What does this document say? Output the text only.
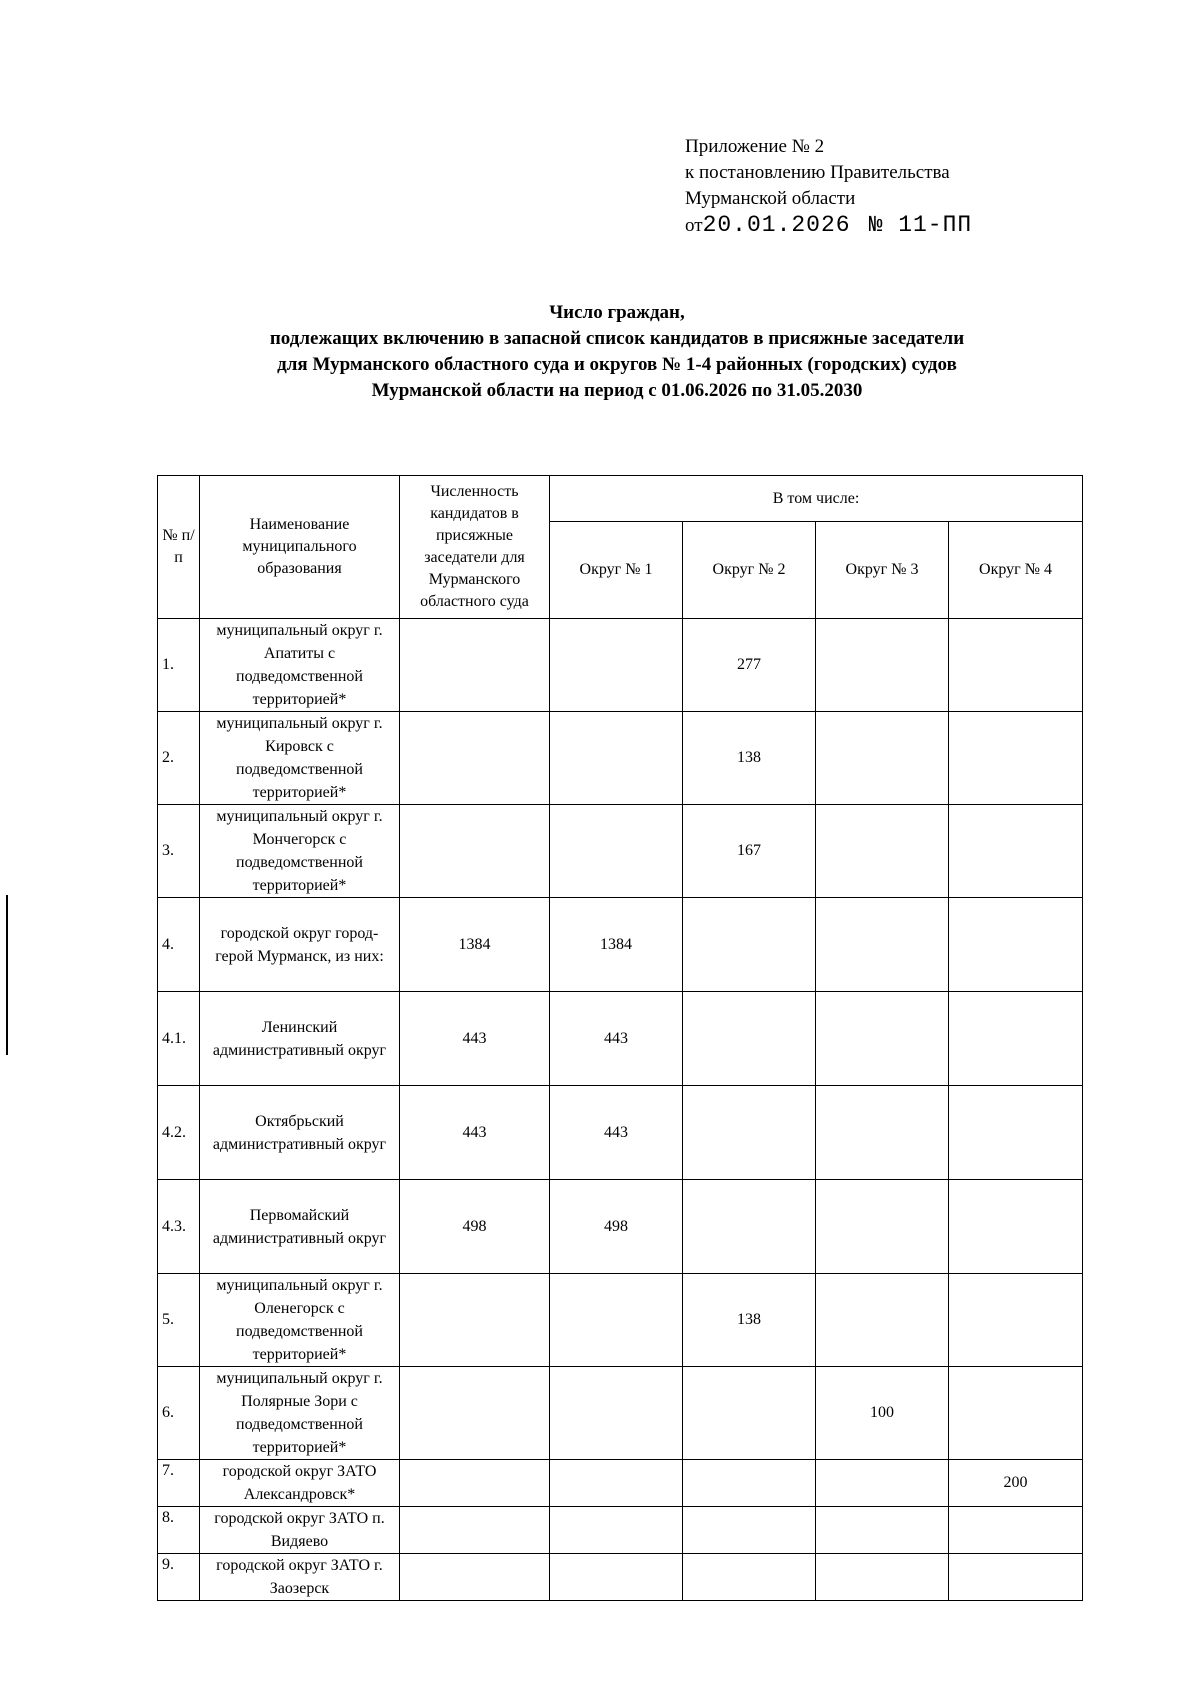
Приложение № 2
к постановлению Правительства
Мурманской области
от20.01.2026 № 11-ПП
Число граждан,
подлежащих включению в запасной список кандидатов в присяжные заседатели
для Мурманского областного суда и округов № 1-4 районных (городских) судов
Мурманской области на период с 01.06.2026 по 31.05.2030
№ п/п	Наименование муниципального образования	Численность кандидатов в присяжные заседатели для Мурманского областного суда	В том числе:			
			Округ № 1	Округ № 2	Округ № 3	Округ № 4
1.	муниципальный округ г. Апатиты с подведомственной территорией*			277		
2.	муниципальный округ г. Кировск с подведомственной территорией*			138		
3.	муниципальный округ г. Мончегорск с подведомственной территорией*			167		
4.	городской округ город-герой Мурманск, из них:	1384	1384			
4.1.	Ленинский административный округ	443	443			
4.2.	Октябрьский административный округ	443	443			
4.3.	Первомайский административный округ	498	498			
5.	муниципальный округ г. Оленегорск с подведомственной территорией*			138		
6.	муниципальный округ г. Полярные Зори с подведомственной территорией*				100	
7.	городской округ ЗАТО Александровск*					200
8.	городской округ ЗАТО п. Видяево					
9.	городской округ ЗАТО г. Заозерск					
